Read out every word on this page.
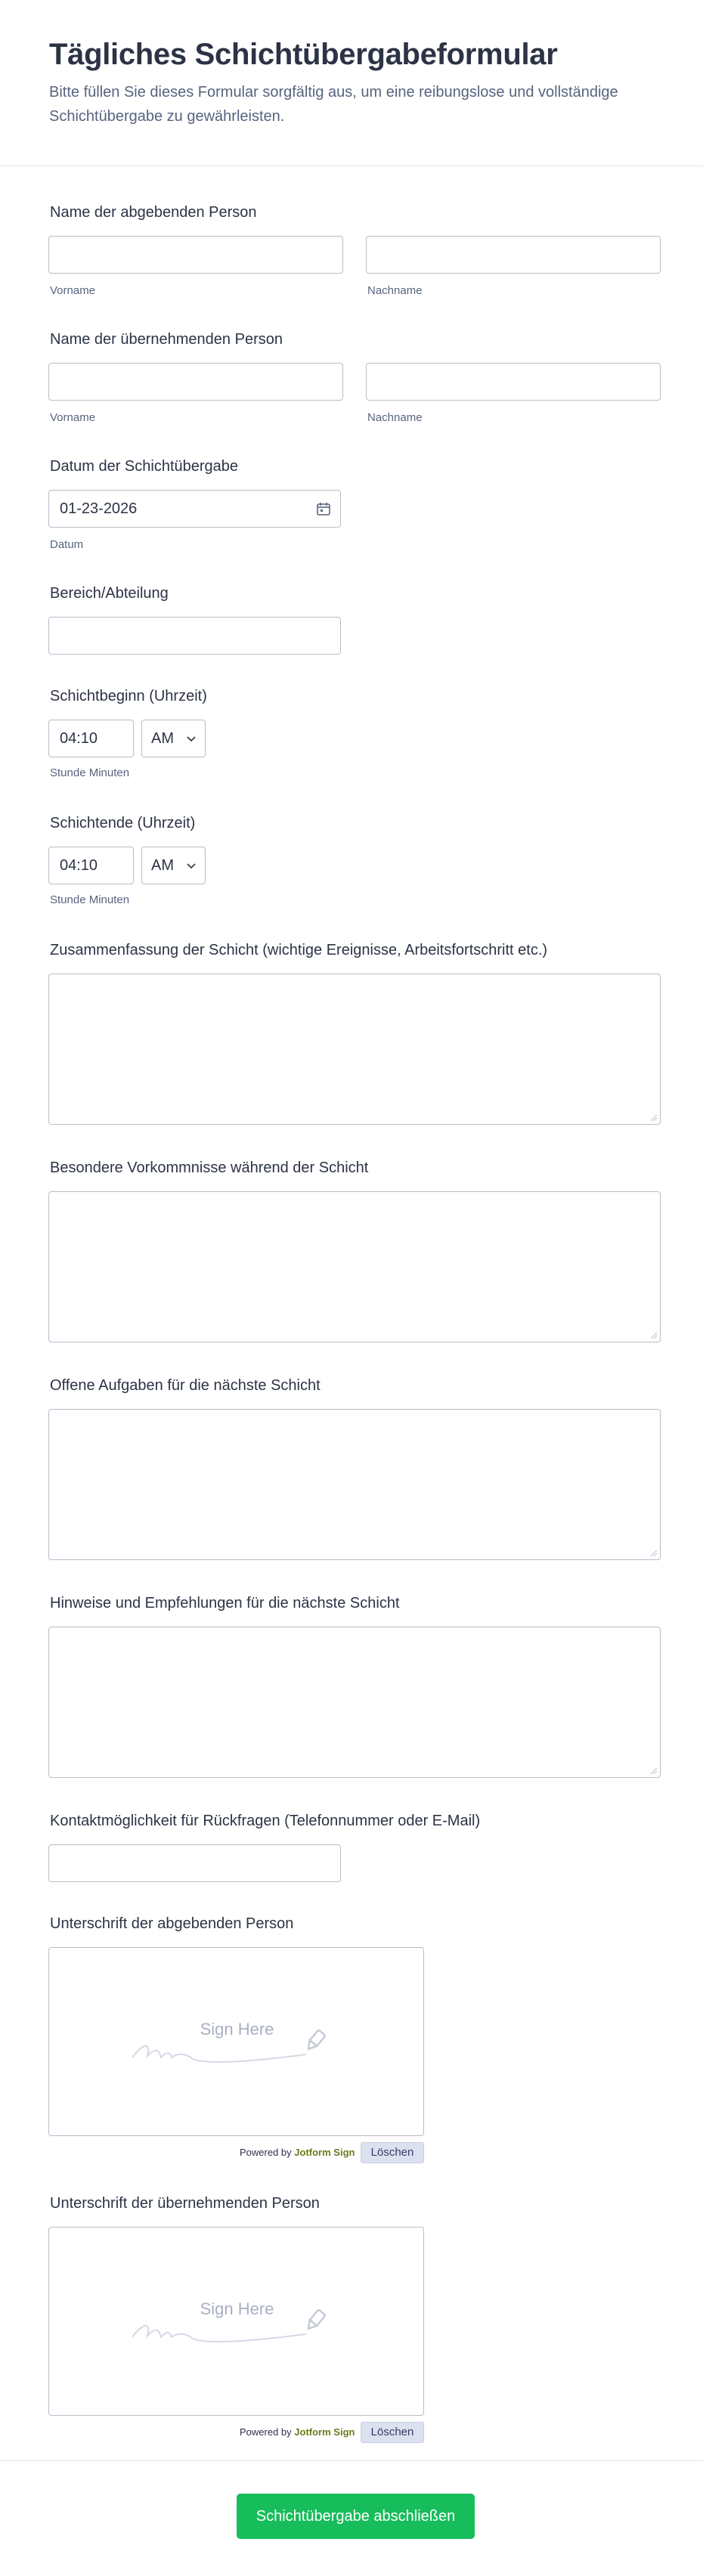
Tägliches Schichtübergabeformular
Bitte füllen Sie dieses Formular sorgfältig aus, um eine reibungslose und vollständige Schichtübergabe zu gewährleisten.
Name der abgebenden Person
Vorname	Nachname
Name der übernehmenden Person
Vorname	Nachname
Datum der Schichtübergabe
01-23-2026
Datum
Bereich/Abteilung
Schichtbeginn (Uhrzeit)
04:10	AM
Stunde Minuten
Schichtende (Uhrzeit)
04:10	AM
Stunde Minuten
Zusammenfassung der Schicht (wichtige Ereignisse, Arbeitsfortschritt etc.)
Besondere Vorkommnisse während der Schicht
Offene Aufgaben für die nächste Schicht
Hinweise und Empfehlungen für die nächste Schicht
Kontaktmöglichkeit für Rückfragen (Telefonnummer oder E-Mail)
Unterschrift der abgebenden Person
Sign Here
Powered by Jotform Sign	Löschen
Unterschrift der übernehmenden Person
Sign Here
Powered by Jotform Sign	Löschen
Schichtübergabe abschließen
